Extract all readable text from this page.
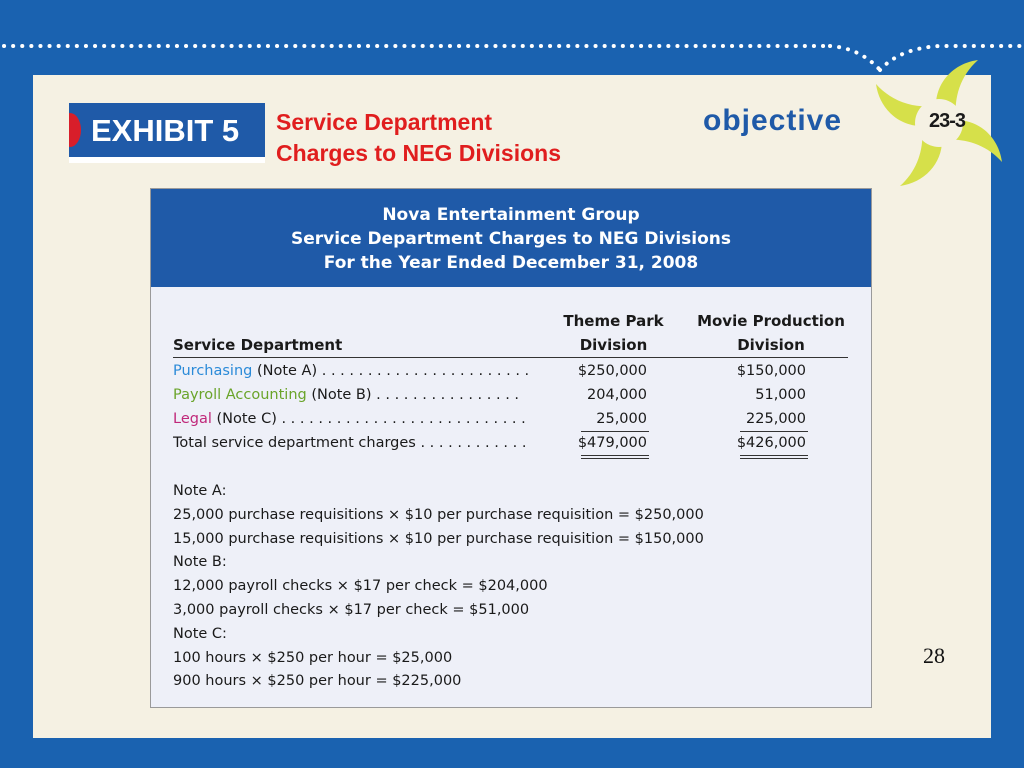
EXHIBIT 5 Service Department
Charges to NEG Divisions
objective	23-3
Nova Entertainment Group
Service Department Charges to NEG Divisions
For the Year Ended December 31, 2008
Service Department
Theme Park
Division
Movie Production
Division
Purchasing (Note A) . . . . . . . . . . . . . . . . . . . . . . .	$250,000	$150,000
Payroll Accounting (Note B) . . . . . . . . . . . . . . . .	204,000	51,000
Legal (Note C) . . . . . . . . . . . . . . . . . . . . . . . . . . .	25,000	225,000
Total service department charges . . . . . . . . . . . .	$479,000	$426,000
Note A:
25,000 purchase requisitions × $10 per purchase requisition = $250,000
15,000 purchase requisitions × $10 per purchase requisition = $150,000
Note B:
12,000 payroll checks × $17 per check = $204,000
3,000 payroll checks × $17 per check = $51,000
Note C:
100 hours × $250 per hour = $25,000
900 hours × $250 per hour = $225,000
28
